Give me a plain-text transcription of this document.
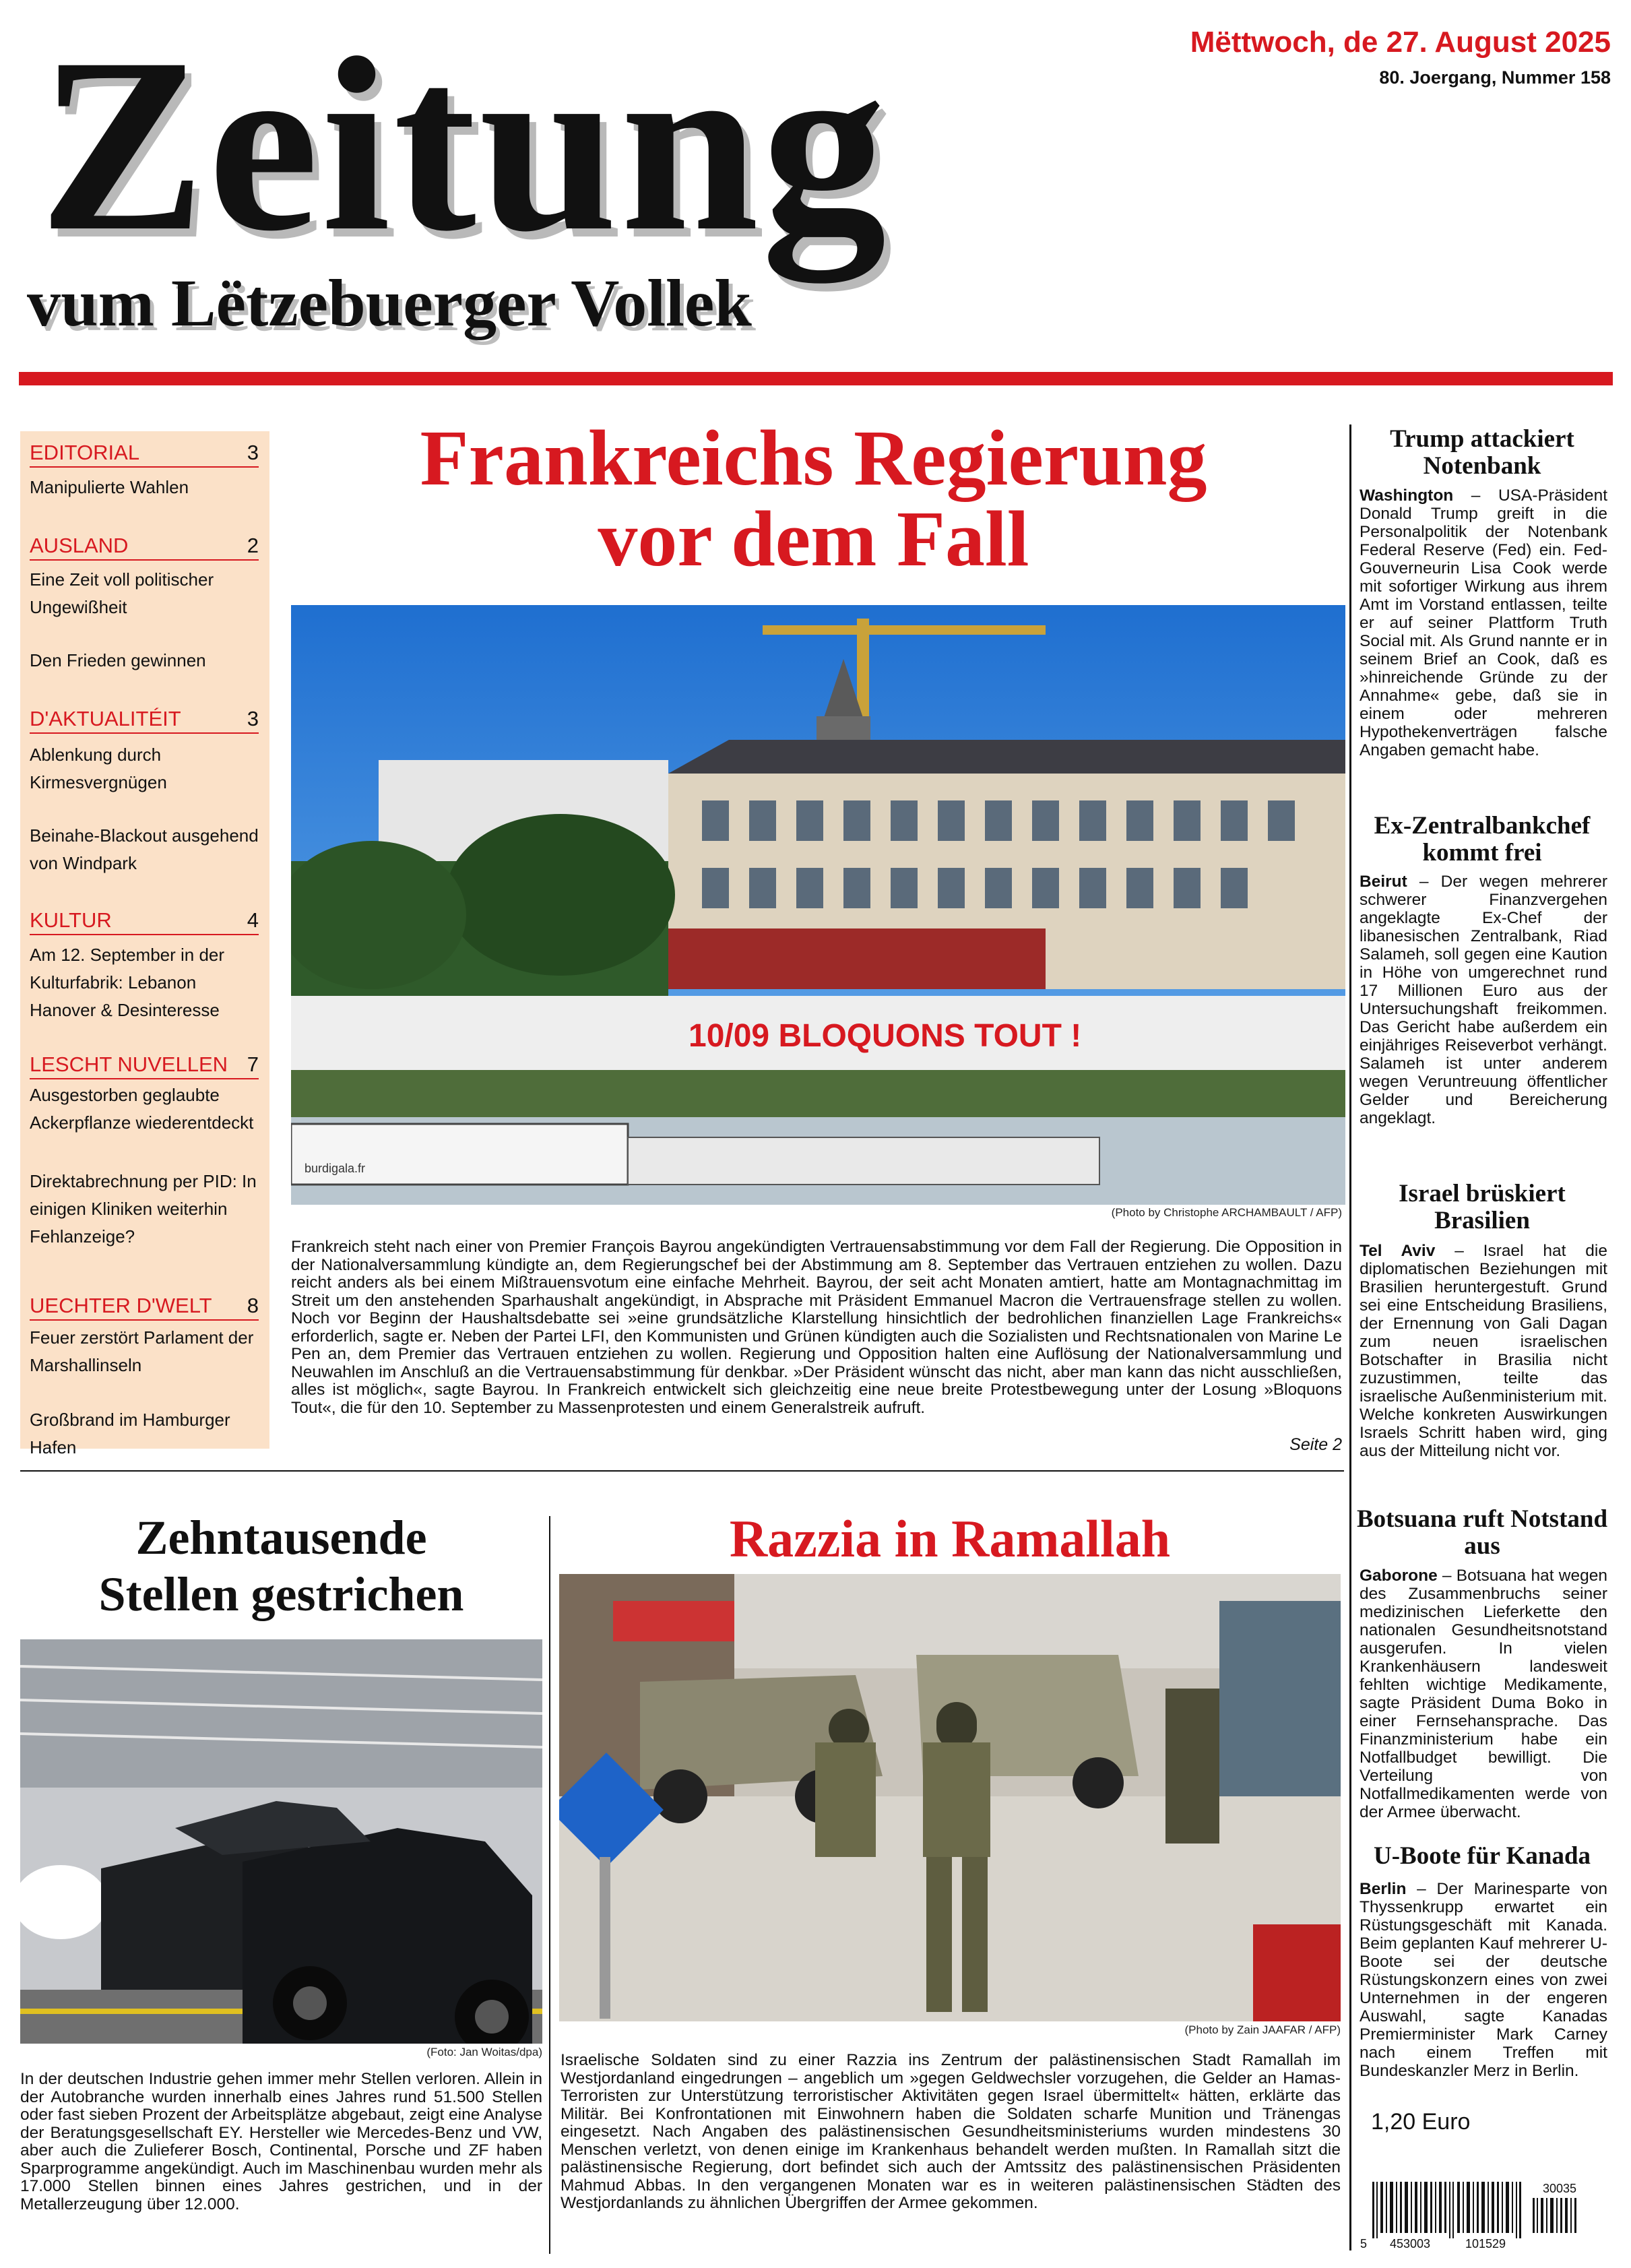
Zeitung
vum Lëtzebuerger Vollek
Mëttwoch, de 27. August 2025
80. Joergang, Nummer 158
EDITORIAL	3
Manipulierte Wahlen
AUSLAND	2
Eine Zeit voll politischer Ungewißheit
Den Frieden gewinnen
D'AKTUALITÉIT	3
Ablenkung durch Kirmesvergnügen
Beinahe-Blackout ausgehend von Windpark
KULTUR	4
Am 12. September in der Kulturfabrik: Lebanon Hanover & Desinteresse
LESCHT NUVELLEN 7
Ausgestorben geglaubte Ackerpflanze wiederentdeckt
Direktabrechnung per PID: In einigen Kliniken weiterhin Fehlanzeige?
UECHTER D'WELT 8
Feuer zerstört Parlament der Marshallinseln
Großbrand im Hamburger Hafen
Frankreichs Regierung
vor dem Fall
10/09 BLOQUONS TOUT !
burdigala.fr
(Photo by Christophe ARCHAMBAULT / AFP)
Frankreich steht nach einer von Premier François Bayrou angekündigten Vertrauensabstimmung vor dem Fall der Regierung. Die Opposition in der Nationalversammlung kündigte an, dem Regierungschef bei der Abstimmung am 8. September das Vertrauen entziehen zu wollen. Dazu reicht anders als bei einem Mißtrauensvotum eine einfache Mehrheit. Bayrou, der seit acht Monaten amtiert, hatte am Montagnachmittag im Streit um den anstehenden Sparhaushalt angekündigt, in Absprache mit Präsident Emmanuel Macron die Vertrauensfrage stellen zu wollen. Noch vor Beginn der Haushaltsdebatte sei »eine grundsätzliche Klarstellung hinsichtlich der bedrohlichen finanziellen Lage Frankreichs« erforderlich, sagte er. Neben der Partei LFI, den Kommunisten und Grünen kündigten auch die Sozialisten und Rechtsnationalen von Marine Le Pen an, dem Premier das Vertrauen entziehen zu wollen. Regierung und Opposition halten eine Auflösung der Nationalversammlung und Neuwahlen im Anschluß an die Vertrauensabstimmung für denkbar. »Der Präsident wünscht das nicht, aber man kann das nicht ausschließen, alles ist möglich«, sagte Bayrou. In Frankreich entwickelt sich gleichzeitig eine neue breite Protestbewegung unter der Losung »Bloquons Tout«, die für den 10. September zu Massenprotesten und einem Generalstreik aufruft.
Seite 2
Zehntausende
Stellen gestrichen
(Foto: Jan Woitas/dpa)
In der deutschen Industrie gehen immer mehr Stellen verloren. Allein in der Autobranche wurden innerhalb eines Jahres rund 51.500 Stellen oder fast sieben Prozent der Arbeitsplätze abgebaut, zeigt eine Analyse der Beratungsgesellschaft EY. Hersteller wie Mercedes-Benz und VW, aber auch die Zulieferer Bosch, Continental, Porsche und ZF haben Sparprogramme angekündigt. Auch im Maschinenbau wurden mehr als 17.000 Stellen binnen eines Jahres gestrichen, und in der Metallerzeugung über 12.000.
Razzia in Ramallah
(Photo by Zain JAAFAR / AFP)
Israelische Soldaten sind zu einer Razzia ins Zentrum der palästinensischen Stadt Ramallah im Westjordanland eingedrungen – angeblich um »gegen Geldwechsler vorzugehen, die Gelder an Hamas-Terroristen zur Unterstützung terroristischer Aktivitäten gegen Israel übermittelt« hätten, erklärte das Militär. Bei Konfrontationen mit Einwohnern haben die Soldaten scharfe Munition und Tränengas eingesetzt. Nach Angaben des palästinensischen Gesundheitsministeriums wurden mindestens 30 Menschen verletzt, von denen einige im Krankenhaus behandelt werden mußten. In Ramallah sitzt die palästinensische Regierung, dort befindet sich auch der Amtssitz des palästinensischen Präsidenten Mahmud Abbas. In den vergangenen Monaten war es in weiteren palästinensischen Städten des Westjordanlands zu ähnlichen Übergriffen der Armee gekommen.
Trump attackiert Notenbank
Washington – USA-Präsident Donald Trump greift in die Personalpolitik der Notenbank Federal Reserve (Fed) ein. Fed-Gouverneurin Lisa Cook werde mit sofortiger Wirkung aus ihrem Amt im Vorstand entlassen, teilte er auf seiner Plattform Truth Social mit. Als Grund nannte er in seinem Brief an Cook, daß es »hinreichende Gründe zu der Annahme« gebe, daß sie in einem oder mehreren Hypothekenverträgen falsche Angaben gemacht habe.
Ex-Zentralbankchef kommt frei
Beirut – Der wegen mehrerer schwerer Finanzvergehen angeklagte Ex-Chef der libanesischen Zentralbank, Riad Salameh, soll gegen eine Kaution in Höhe von umgerechnet rund 17 Millionen Euro aus der Untersuchungshaft freikommen. Das Gericht habe außerdem ein einjähriges Reiseverbot verhängt. Salameh ist unter anderem wegen Veruntreuung öffentlicher Gelder und Bereicherung angeklagt.
Israel brüskiert Brasilien
Tel Aviv – Israel hat die diplomatischen Beziehungen mit Brasilien heruntergestuft. Grund sei eine Entscheidung Brasiliens, der Ernennung von Gali Dagan zum neuen israelischen Botschafter in Brasilia nicht zuzustimmen, teilte das israelische Außenministerium mit. Welche konkreten Auswirkungen Israels Schritt haben wird, ging aus der Mitteilung nicht vor.
Botsuana ruft Notstand aus
Gaborone – Botsuana hat wegen des Zusammenbruchs seiner medizinischen Lieferkette den nationalen Gesundheitsnotstand ausgerufen. In vielen Krankenhäusern landesweit fehlten wichtige Medikamente, sagte Präsident Duma Boko in einer Fernsehansprache. Das Finanzministerium habe ein Notfallbudget bewilligt. Die Verteilung von Notfallmedikamenten werde von der Armee überwacht.
U-Boote für Kanada
Berlin – Der Marinesparte von Thyssenkrupp erwartet ein Rüstungsgeschäft mit Kanada. Beim geplanten Kauf mehrerer U-Boote sei der deutsche Rüstungskonzern eines von zwei Unternehmen in der engeren Auswahl, sagte Kanadas Premierminister Mark Carney nach einem Treffen mit Bundeskanzler Merz in Berlin.
1,20 Euro
5 453003	101529
30035
